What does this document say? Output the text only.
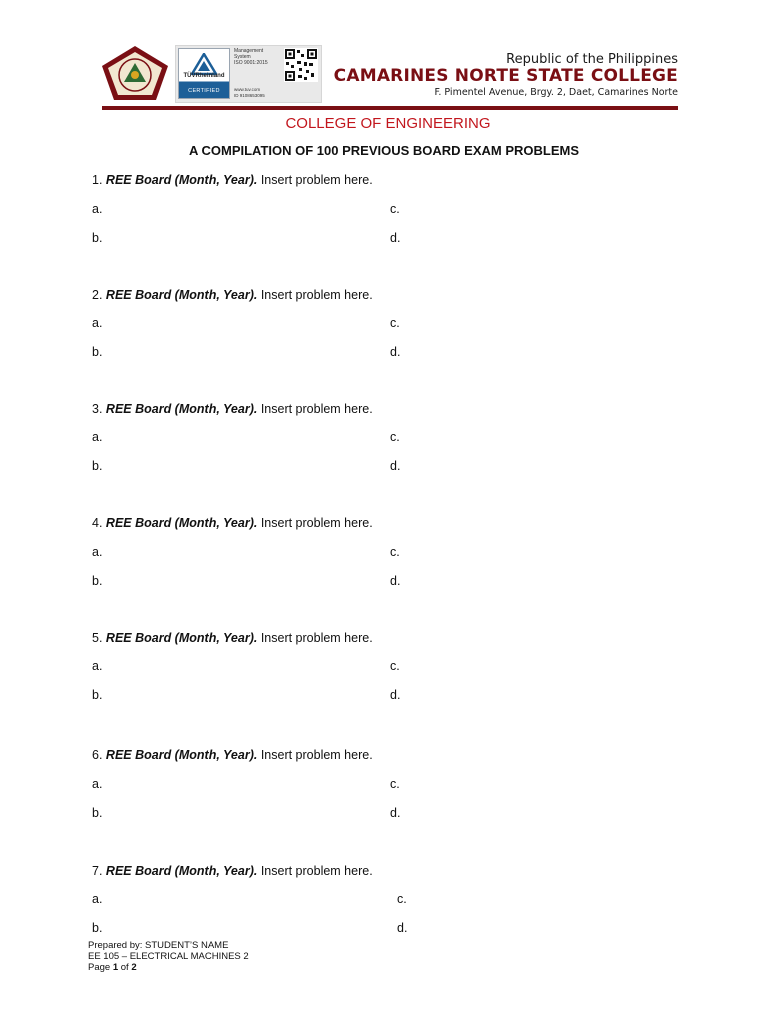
TÜVRheinland
CERTIFIED
Management
System
ISO 9001:2015
www.tuv.com
ID 9108653095
Republic of the Philippines
CAMARINES NORTE STATE COLLEGE
F. Pimentel Avenue, Brgy. 2, Daet, Camarines Norte
COLLEGE OF ENGINEERING
A COMPILATION OF 100 PREVIOUS BOARD EXAM PROBLEMS
1. REE Board (Month, Year). Insert problem here.
a.
b.
c.
d.
2. REE Board (Month, Year). Insert problem here.
a.
b.
c.
d.
3. REE Board (Month, Year). Insert problem here.
a.
b.
c.
d.
4. REE Board (Month, Year). Insert problem here.
a.
b.
c.
d.
5. REE Board (Month, Year). Insert problem here.
a.
b.
c.
d.
6. REE Board (Month, Year). Insert problem here.
a.
b.
c.
d.
7. REE Board (Month, Year). Insert problem here.
a.
b.
c.
d.
Prepared by: STUDENT’S NAME
EE 105 – ELECTRICAL MACHINES 2
Page 1 of 2
